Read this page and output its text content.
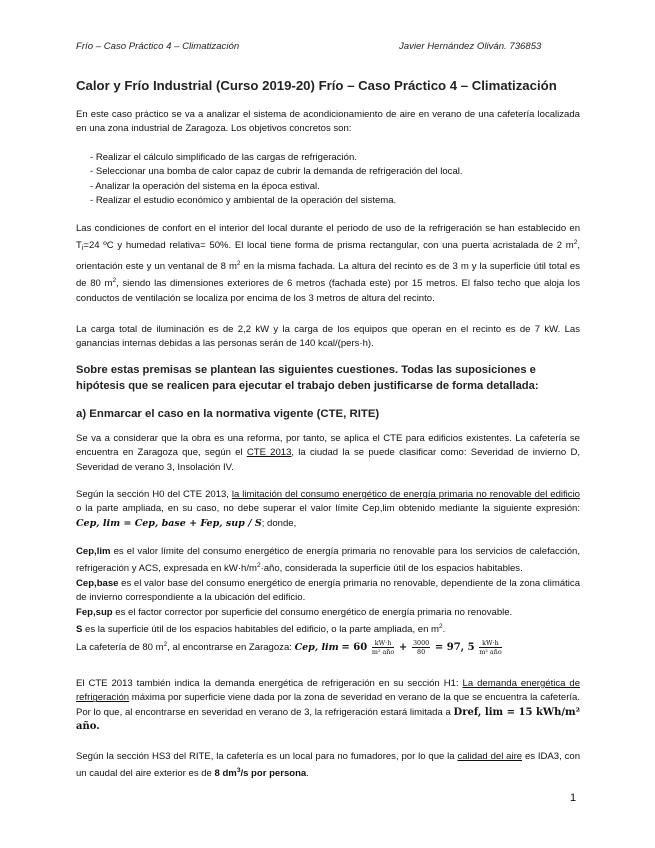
Frío – Caso Práctico 4 – Climatización	Javier Hernández Oliván. 736853
Calor y Frío Industrial (Curso 2019-20) Frío – Caso Práctico 4 – Climatización

En este caso práctico se va a analizar el sistema de acondicionamiento de aire en verano de una cafetería localizada en una zona industrial de Zaragoza. Los objetivos concretos son:

- Realizar el cálculo simplificado de las cargas de refrigeración.
- Seleccionar una bomba de calor capaz de cubrir la demanda de refrigeración del local.
- Analizar la operación del sistema en la época estival.
- Realizar el estudio económico y ambiental de la operación del sistema.

Las condiciones de confort en el interior del local durante el periodo de uso de la refrigeración se han establecido en $T_i=24$ ºC y humedad relativa= 50%. El local tiene forma de prisma rectangular, con una puerta acristalada de 2 $m^2$, orientación este y un ventanal de 8 $m^2$ en la misma fachada. La altura del recinto es de 3 m y la superficie útil total es de 80 $m^2$, siendo las dimensiones exteriores de 6 metros (fachada este) por 15 metros. El falso techo que aloja los conductos de ventilación se localiza por encima de los 3 metros de altura del recinto.

La carga total de iluminación es de 2,2 kW y la carga de los equipos que operan en el recinto es de 7 kW. Las ganancias internas debidas a las personas serán de 140 kcal/(pers·h).

Sobre estas premisas se plantean las siguientes cuestiones. Todas las suposiciones e hipótesis que se realicen para ejecutar el trabajo deben justificarse de forma detallada:
a) Enmarcar el caso en la normativa vigente (CTE, RITE)

Se va a considerar que la obra es una reforma, por tanto, se aplica el CTE para edificios existentes. La cafetería se encuentra en Zaragoza que, según el CTE 2013, la ciudad la se puede clasificar como: Severidad de invierno D, Severidad de verano 3, Insolación IV.

Según la sección H0 del CTE 2013, la limitación del consumo energético de energía primaria no renovable del edificio o la parte ampliada, en su caso, no debe superar el valor límite Cep,lim obtenido mediante la siguiente expresión: Cep, lim = Cep, base + Fep, sup / S; donde,

Cep,lim es el valor límite del consumo energético de energía primaria no renovable para los servicios de calefacción, refrigeración y ACS, expresada en $kW\cdot h/m^2\cdot año$, considerada la superficie útil de los espacios habitables.

Cep,base es el valor base del consumo energético de energía primaria no renovable, dependiente de la zona climática de invierno correspondiente a la ubicación del edificio.

Fep,sup es el factor corrector por superficie del consumo energético de energía primaria no renovable.

S es la superficie útil de los espacios habitables del edificio, o la parte ampliada, en $m^2$.

La cafetería de 80 $m^2$, al encontrarse en Zaragoza: Cep, $\lim = 60 \frac{kW\cdot h}{\text{m² año}} + \frac{3000}{80} = 97$, $5 \frac{kW\cdot h}{\text{m² año}}$

El CTE 2013 también indica la demanda energética de refrigeración en su sección H1: La demanda energética de refrigeración máxima por superficie viene dada por la zona de severidad en verano de la que se encuentra la cafetería. Por lo que, al encontrarse en severidad en verano de 3, la refrigeración estará limitada a Dref, lim = 15 kWh/m² año.

Según la sección HS3 del RITE, la cafetería es un local para no fumadores, por lo que la calidad del aire es IDA3, con un caudal del aire exterior es de 8 $dm^3/s$ por persona.

1
